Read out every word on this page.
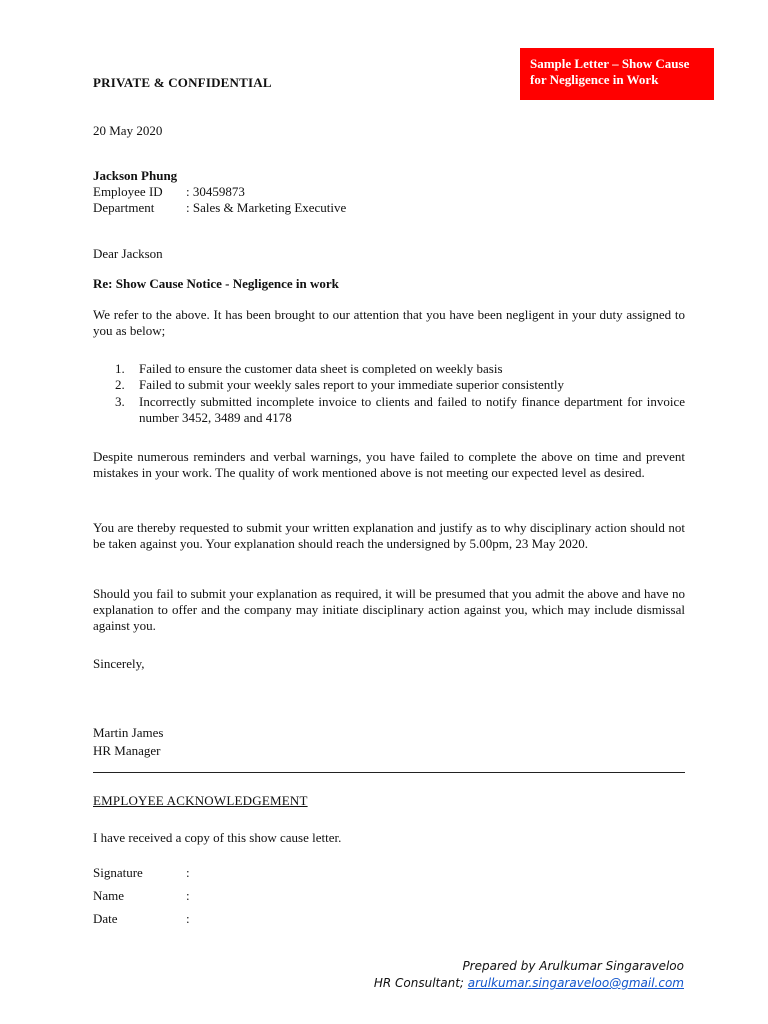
Sample Letter – Show Cause for Negligence in Work
PRIVATE & CONFIDENTIAL
20 May 2020
Jackson Phung
Employee ID	: 30459873
Department	: Sales & Marketing Executive
Dear Jackson
Re: Show Cause Notice - Negligence in work
We refer to the above. It has been brought to our attention that you have been negligent in your duty assigned to you as below;
1.	Failed to ensure the customer data sheet is completed on weekly basis
2.	Failed to submit your weekly sales report to your immediate superior consistently
3.	Incorrectly submitted incomplete invoice to clients and failed to notify finance department for invoice number 3452, 3489 and 4178
Despite numerous reminders and verbal warnings, you have failed to complete the above on time and prevent mistakes in your work. The quality of work mentioned above is not meeting our expected level as desired.
You are thereby requested to submit your written explanation and justify as to why disciplinary action should not be taken against you. Your explanation should reach the undersigned by 5.00pm, 23 May 2020.
Should you fail to submit your explanation as required, it will be presumed that you admit the above and have no explanation to offer and the company may initiate disciplinary action against you, which may include dismissal against you.
Sincerely,
Martin James
HR Manager
EMPLOYEE ACKNOWLEDGEMENT
I have received a copy of this show cause letter.
Signature	:
Name	:
Date	:
Prepared by Arulkumar Singaraveloo
HR Consultant; arulkumar.singaraveloo@gmail.com
